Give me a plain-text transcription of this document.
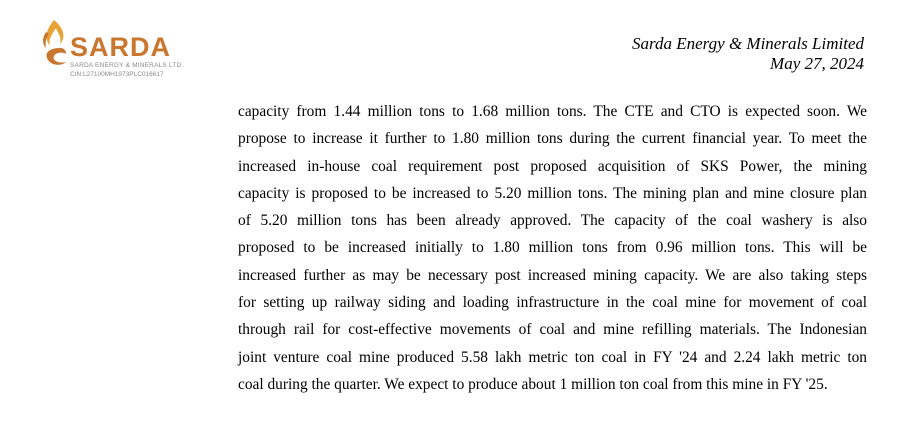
SARDA
SARDA ENERGY & MINERALS LTD.
CIN:L27100MH1973PLC016617
Sarda Energy & Minerals Limited
May 27, 2024
capacity from 1.44 million tons to 1.68 million tons. The CTE and CTO is expected soon. We
propose to increase it further to 1.80 million tons during the current financial year. To meet the
increased in-house coal requirement post proposed acquisition of SKS Power, the mining
capacity is proposed to be increased to 5.20 million tons. The mining plan and mine closure plan
of 5.20 million tons has been already approved. The capacity of the coal washery is also
proposed to be increased initially to 1.80 million tons from 0.96 million tons. This will be
increased further as may be necessary post increased mining capacity. We are also taking steps
for setting up railway siding and loading infrastructure in the coal mine for movement of coal
through rail for cost-effective movements of coal and mine refilling materials. The Indonesian
joint venture coal mine produced 5.58 lakh metric ton coal in FY '24 and 2.24 lakh metric ton
coal during the quarter. We expect to produce about 1 million ton coal from this mine in FY '25.
